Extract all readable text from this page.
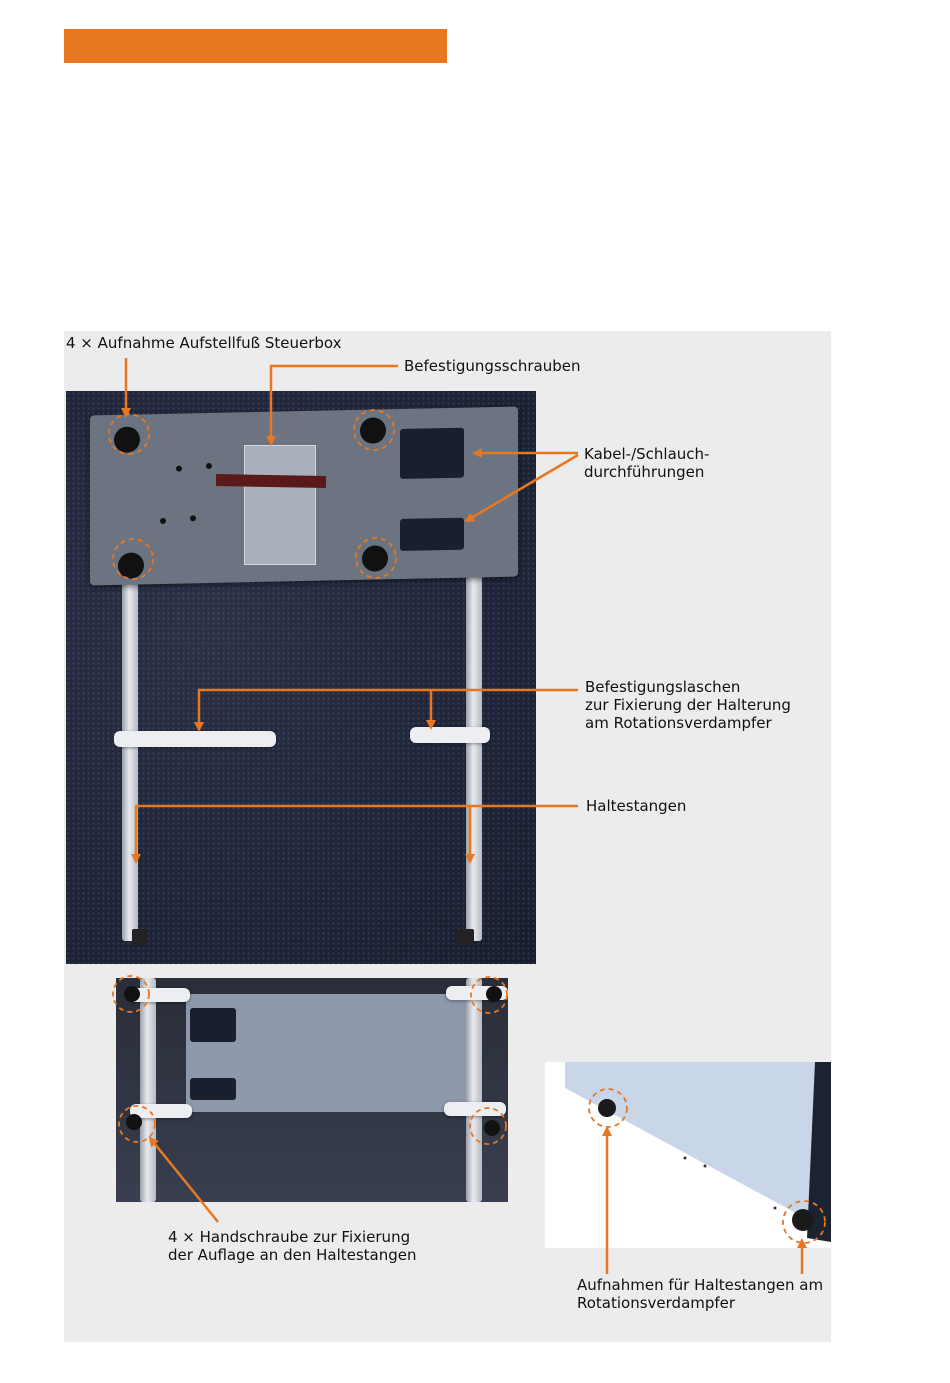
4 × Aufnahme Aufstellfuß Steuerbox

Befestigungsschrauben

Kabel-/Schlauch-
durchführungen

Befestigungslaschen
zur Fixierung der Halterung
am Rotationsverdampfer

Haltestangen

4 × Handschraube zur Fixierung
der Auflage an den Haltestangen

Aufnahmen für Haltestangen am
Rotationsverdampfer
